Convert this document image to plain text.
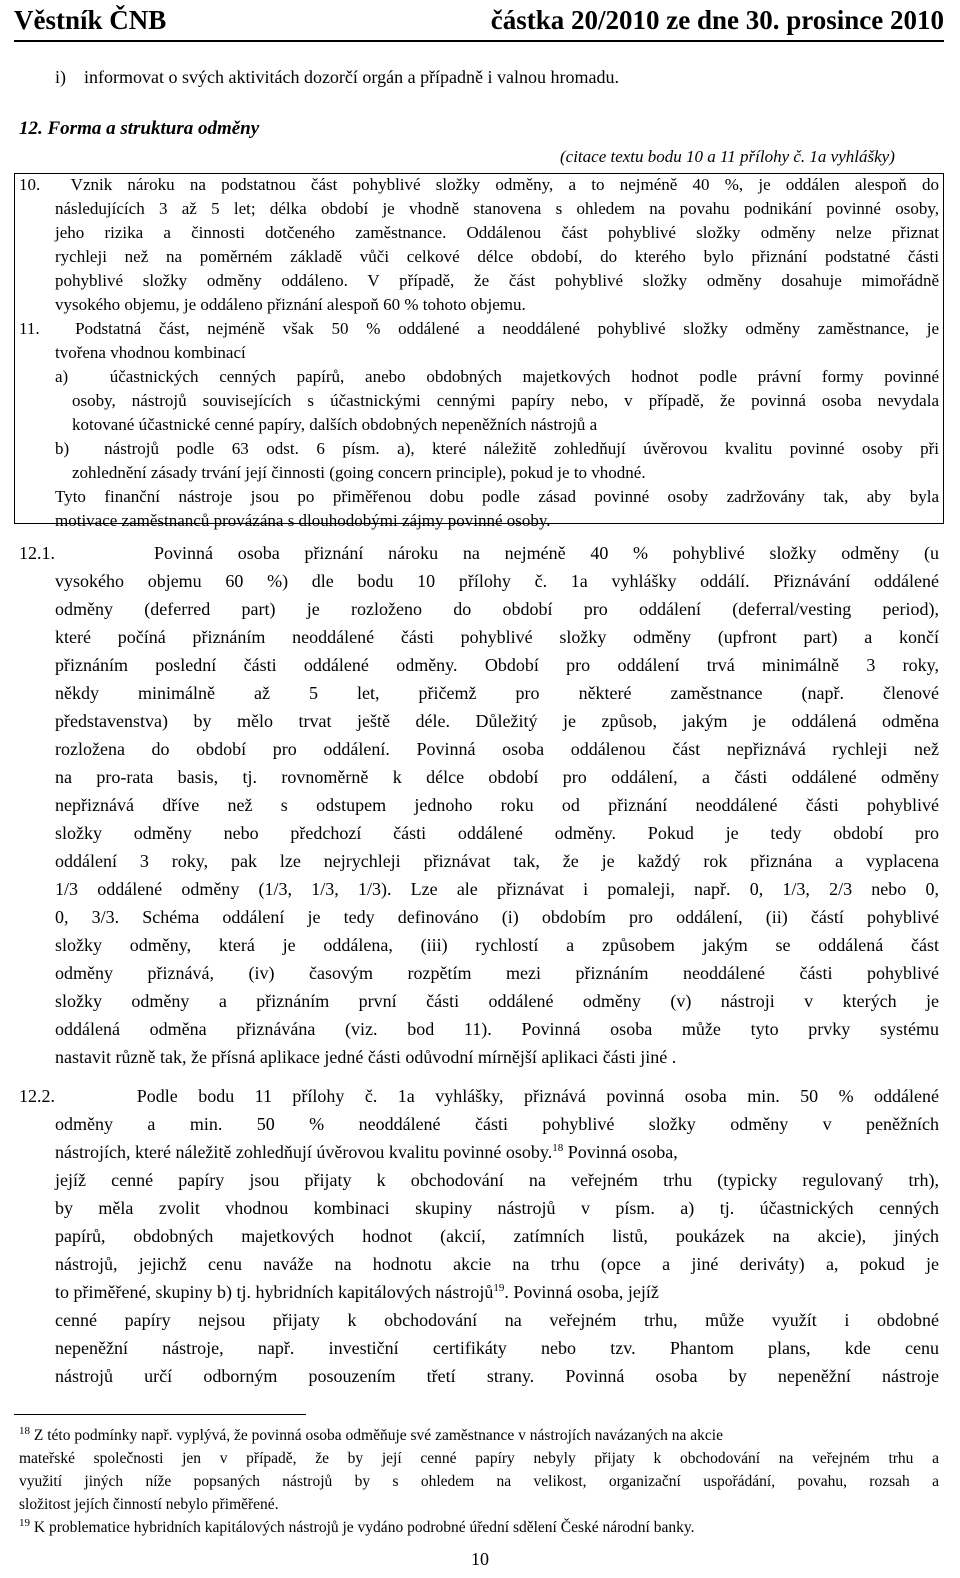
Věstník ČNB	částka 20/2010 ze dne 30. prosince 2010
i)    informovat o svých aktivitách dozorčí orgán a případně i valnou hromadu.
12. Forma a struktura odměny
(citace textu bodu 10 a 11 přílohy č. 1a vyhlášky)
10.  Vznik nároku na podstatnou část pohyblivé složky odměny, a to nejméně 40 %, je oddálen alespoň do
následujících 3 až 5 let; délka období je vhodně stanovena s ohledem na povahu podnikání povinné osoby,
jeho rizika a činnosti dotčeného zaměstnance. Oddálenou část pohyblivé složky odměny nelze přiznat
rychleji než na poměrném základě vůči celkové délce období, do kterého bylo přiznání podstatné části
pohyblivé složky odměny oddáleno. V případě, že část pohyblivé složky odměny dosahuje mimořádně
vysokého objemu, je oddáleno přiznání alespoň 60 % tohoto objemu.
11.  Podstatná část, nejméně však 50 % oddálené a neoddálené pohyblivé složky odměny zaměstnance, je
tvořena vhodnou kombinací
a)  účastnických cenných papírů, anebo obdobných majetkových hodnot podle právní formy povinné
osoby, nástrojů souvisejících s účastnickými cennými papíry nebo, v případě, že povinná osoba nevydala
kotované účastnické cenné papíry, dalších obdobných nepeněžních nástrojů a
b)  nástrojů podle 63 odst. 6 písm. a), které náležitě zohledňují úvěrovou kvalitu povinné osoby při
zohlednění zásady trvání její činnosti (going concern principle), pokud je to vhodné.
Tyto finanční nástroje jsou po přiměřenou dobu podle zásad povinné osoby zadržovány tak, aby byla
motivace zaměstnanců provázána s dlouhodobými zájmy povinné osoby.
12.1.    Povinná osoba přiznání nároku na nejméně 40 % pohyblivé složky odměny (u
vysokého objemu 60 %) dle bodu 10 přílohy č. 1a vyhlášky oddálí. Přiznávání oddálené
odměny (deferred part) je rozloženo do období pro oddálení (deferral/vesting period),
které počíná přiznáním neoddálené části pohyblivé složky odměny (upfront part) a končí
přiznáním poslední části oddálené odměny. Období pro oddálení trvá minimálně 3 roky,
někdy minimálně až 5 let, přičemž pro některé zaměstnance (např. členové
představenstva) by mělo trvat ještě déle. Důležitý je způsob, jakým je oddálená odměna
rozložena do období pro oddálení. Povinná osoba oddálenou část nepřiznává rychleji než
na pro-rata basis, tj. rovnoměrně k délce období pro oddálení, a části oddálené odměny
nepřiznává dříve než s odstupem jednoho roku od přiznání neoddálené části pohyblivé
složky odměny nebo předchozí části oddálené odměny. Pokud je tedy období pro
oddálení 3 roky, pak lze nejrychleji přiznávat tak, že je každý rok přiznána a vyplacena
1/3 oddálené odměny (1/3, 1/3, 1/3). Lze ale přiznávat i pomaleji, např. 0, 1/3, 2/3 nebo 0,
0, 3/3. Schéma oddálení je tedy definováno (i) obdobím pro oddálení, (ii) částí pohyblivé
složky odměny, která je oddálena, (iii) rychlostí a způsobem jakým se oddálená část
odměny přiznává, (iv) časovým rozpětím mezi přiznáním neoddálené části pohyblivé
složky odměny a přiznáním první části oddálené odměny (v) nástroji v kterých je
oddálená odměna přiznávána (viz. bod 11). Povinná osoba může tyto prvky systému
nastavit různě tak, že přísná aplikace jedné části odůvodní mírnější aplikaci části jiné .
12.2.    Podle bodu 11 přílohy č. 1a vyhlášky, přiznává povinná osoba min. 50 % oddálené
odměny a min. 50 % neoddálené části pohyblivé složky odměny v peněžních
nástrojích, které náležitě zohledňují úvěrovou kvalitu povinné osoby.$^{18}$ Povinná osoba,
jejíž cenné papíry jsou přijaty k obchodování na veřejném trhu (typicky regulovaný trh),
by měla zvolit vhodnou kombinaci skupiny nástrojů v písm. a) tj. účastnických cenných
papírů, obdobných majetkových hodnot (akcií, zatímních listů, poukázek na akcie), jiných
nástrojů, jejichž cenu naváže na hodnotu akcie na trhu (opce a jiné deriváty) a, pokud je
to přiměřené, skupiny b) tj. hybridních kapitálových nástrojů$^{19}$. Povinná osoba, jejíž
cenné papíry nejsou přijaty k obchodování na veřejném trhu, může využít i obdobné
nepeněžní nástroje, např. investiční certifikáty nebo tzv. Phantom plans, kde cenu
nástrojů určí odborným posouzením třetí strany. Povinná osoba by nepeněžní nástroje
$^{18}$ Z této podmínky např. vyplývá, že povinná osoba odměňuje své zaměstnance v nástrojích navázaných na akcie
mateřské společnosti jen v případě, že by její cenné papíry nebyly přijaty k obchodování na veřejném trhu a
využití jiných níže popsaných nástrojů by s ohledem na velikost, organizační uspořádání, povahu, rozsah a
složitost jejích činností nebylo přiměřené.
$^{19}$ K problematice hybridních kapitálových nástrojů je vydáno podrobné úřední sdělení České národní banky.
10
